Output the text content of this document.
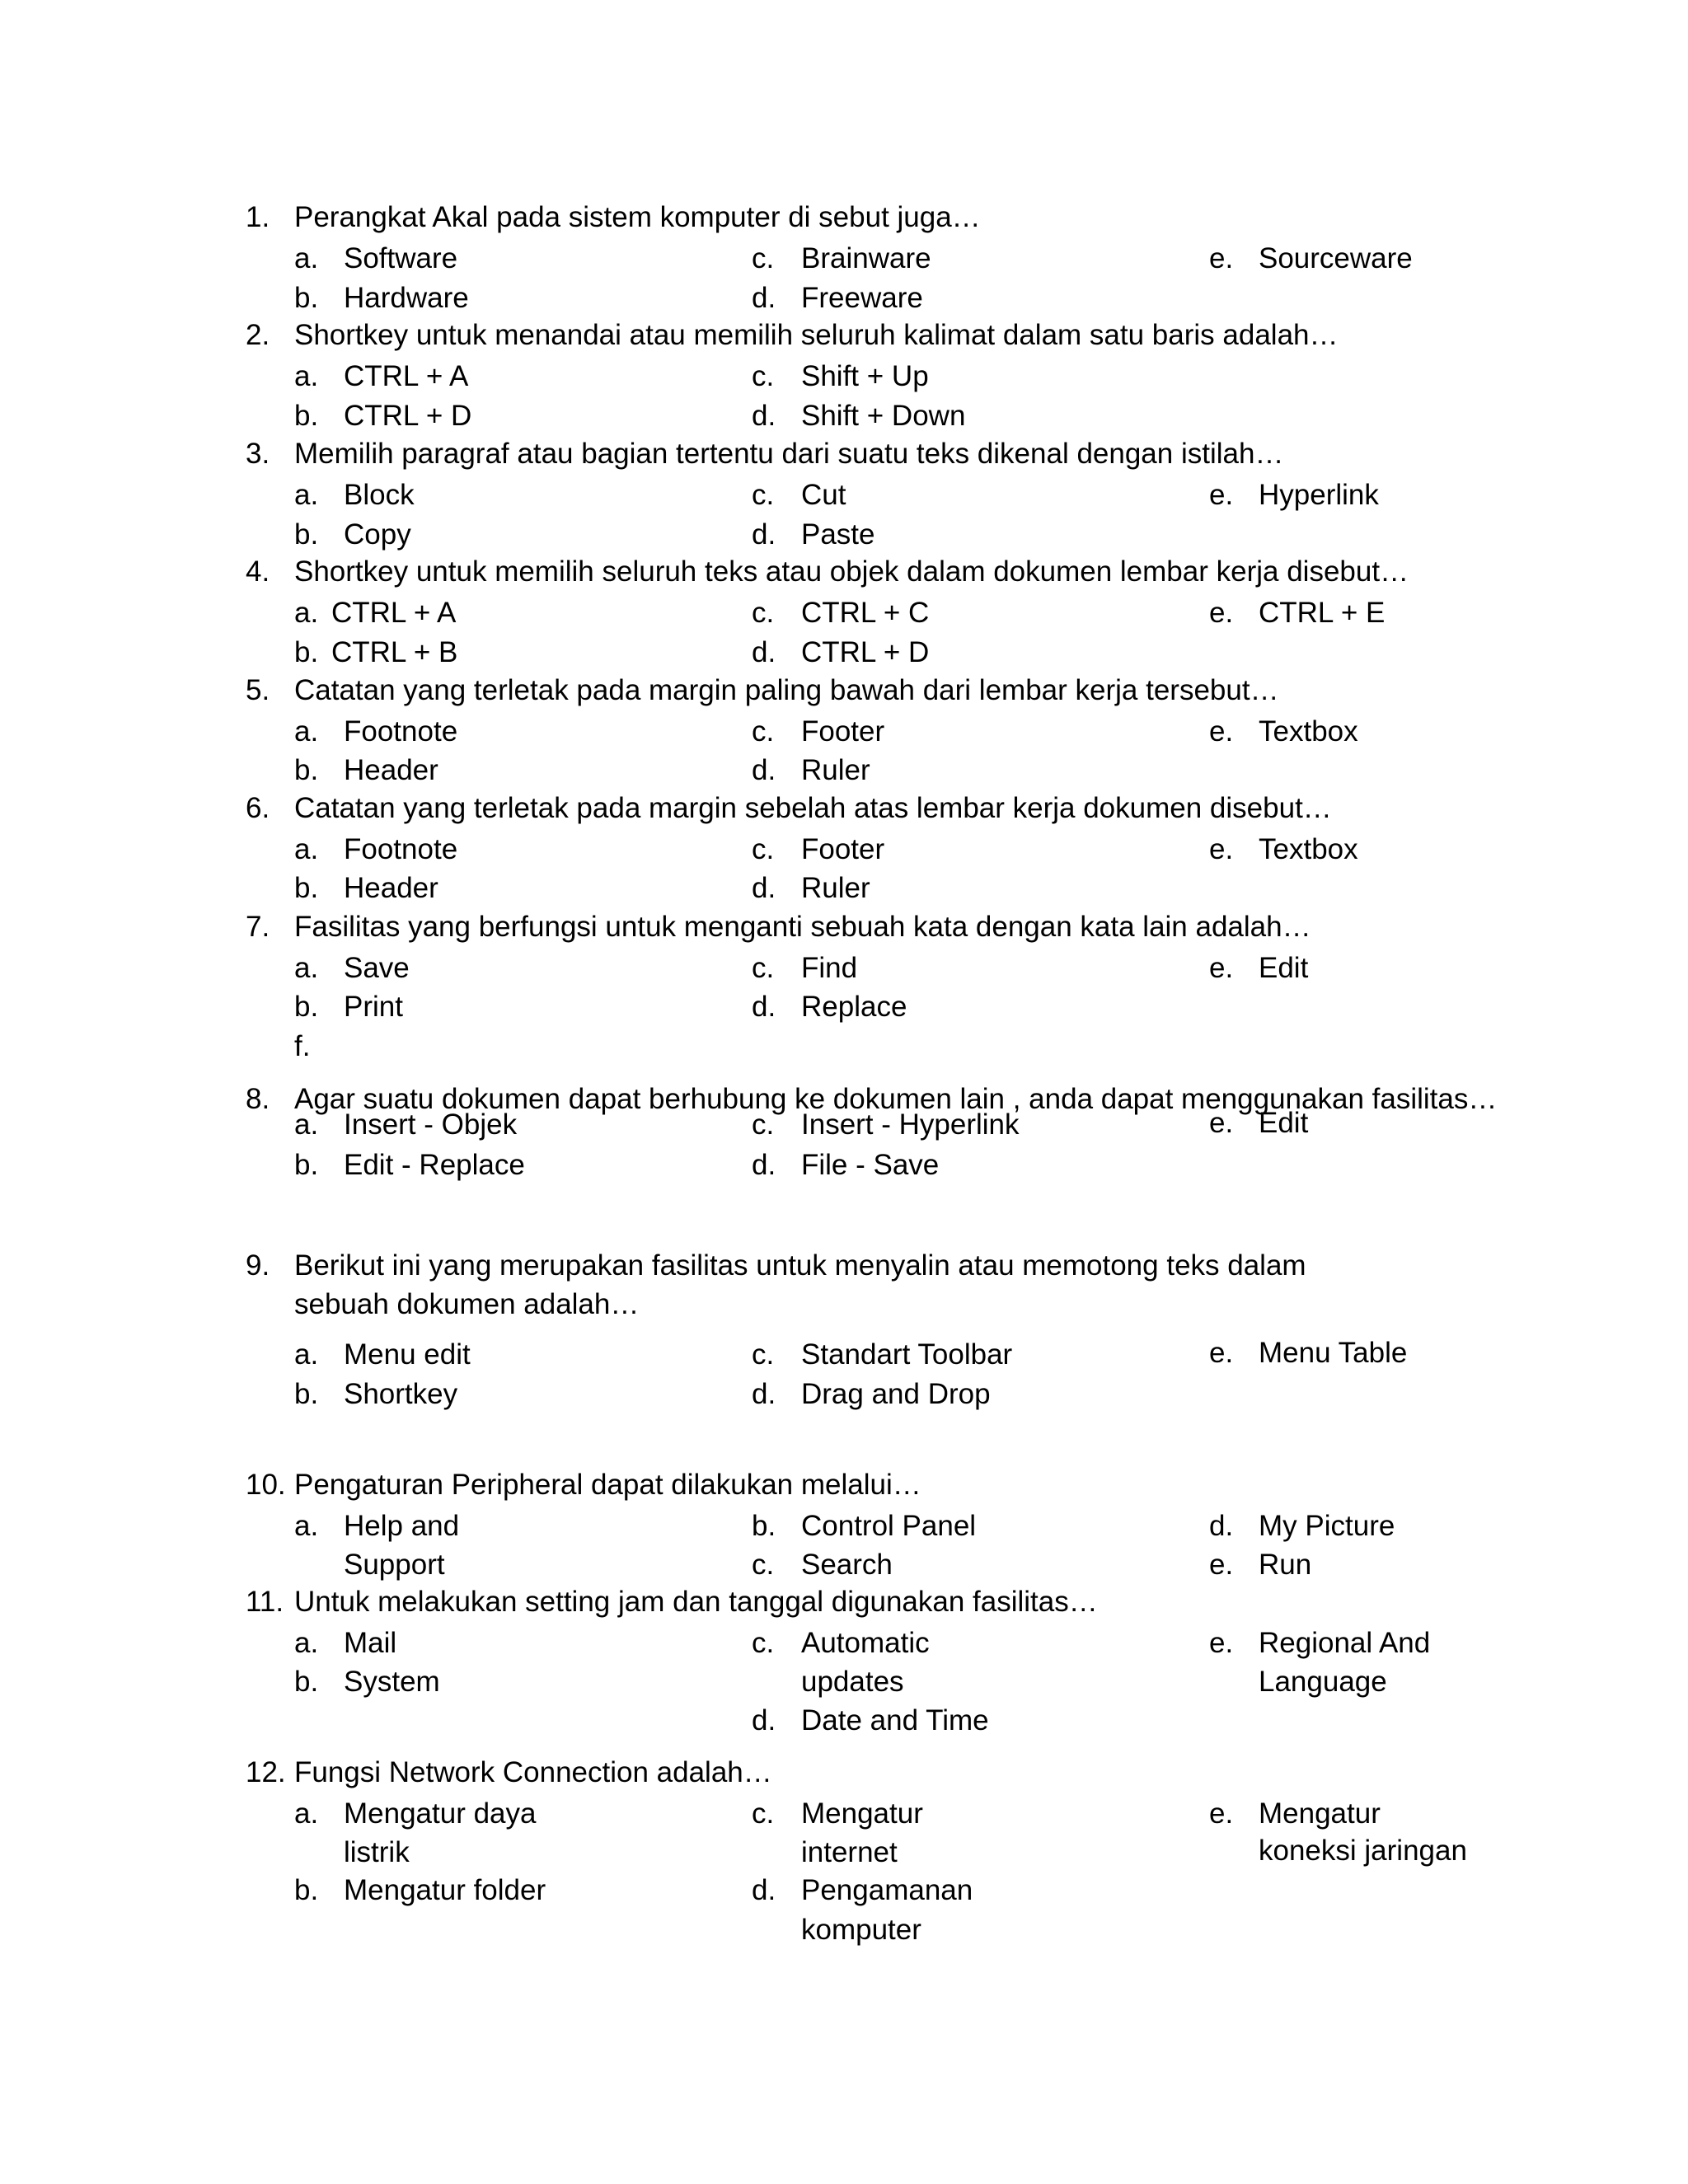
1. Perangkat Akal pada sistem komputer di sebut juga…
a. Software
b. Hardware
c. Brainware
d. Freeware
e. Sourceware
2. Shortkey untuk menandai atau memilih seluruh kalimat dalam satu baris adalah…
a. CTRL + A
b. CTRL + D
c. Shift + Up
d. Shift + Down
3. Memilih paragraf atau bagian tertentu dari suatu teks dikenal dengan istilah…
a. Block
b. Copy
c. Cut
d. Paste
e. Hyperlink
4. Shortkey untuk memilih seluruh teks atau objek dalam dokumen lembar kerja disebut…
a. CTRL + A
b. CTRL + B
c. CTRL + C
d. CTRL + D
e. CTRL + E
5. Catatan yang terletak pada margin paling bawah dari lembar kerja tersebut…
a. Footnote
b. Header
c. Footer
d. Ruler
e. Textbox
6. Catatan yang terletak pada margin sebelah atas lembar kerja dokumen disebut…
a. Footnote
b. Header
c. Footer
d. Ruler
e. Textbox
7. Fasilitas yang berfungsi untuk menganti sebuah kata dengan kata lain adalah…
a. Save
b. Print
f.
c. Find
d. Replace
e. Edit
8. Agar suatu dokumen dapat berhubung ke dokumen lain , anda dapat menggunakan fasilitas…
a. Insert - Objek
b. Edit - Replace
c. Insert - Hyperlink
d. File - Save
e. Edit
9. Berikut ini yang merupakan fasilitas untuk menyalin atau memotong teks dalam sebuah dokumen adalah…
a. Menu edit
b. Shortkey
c. Standart Toolbar
d. Drag and Drop
e. Menu Table
10. Pengaturan Peripheral dapat dilakukan melalui…
a. Help and
Support
b. Control Panel
c. Search
d. My Picture
e. Run
11. Untuk melakukan setting jam dan tanggal digunakan fasilitas…
a. Mail
b. System
c. Automatic
updates
d. Date and Time
e. Regional And
Language
12. Fungsi Network Connection adalah…
a. Mengatur daya
listrik
b. Mengatur folder
c. Mengatur
internet
d. Pengamanan
komputer
e. Mengatur
koneksi jaringan
